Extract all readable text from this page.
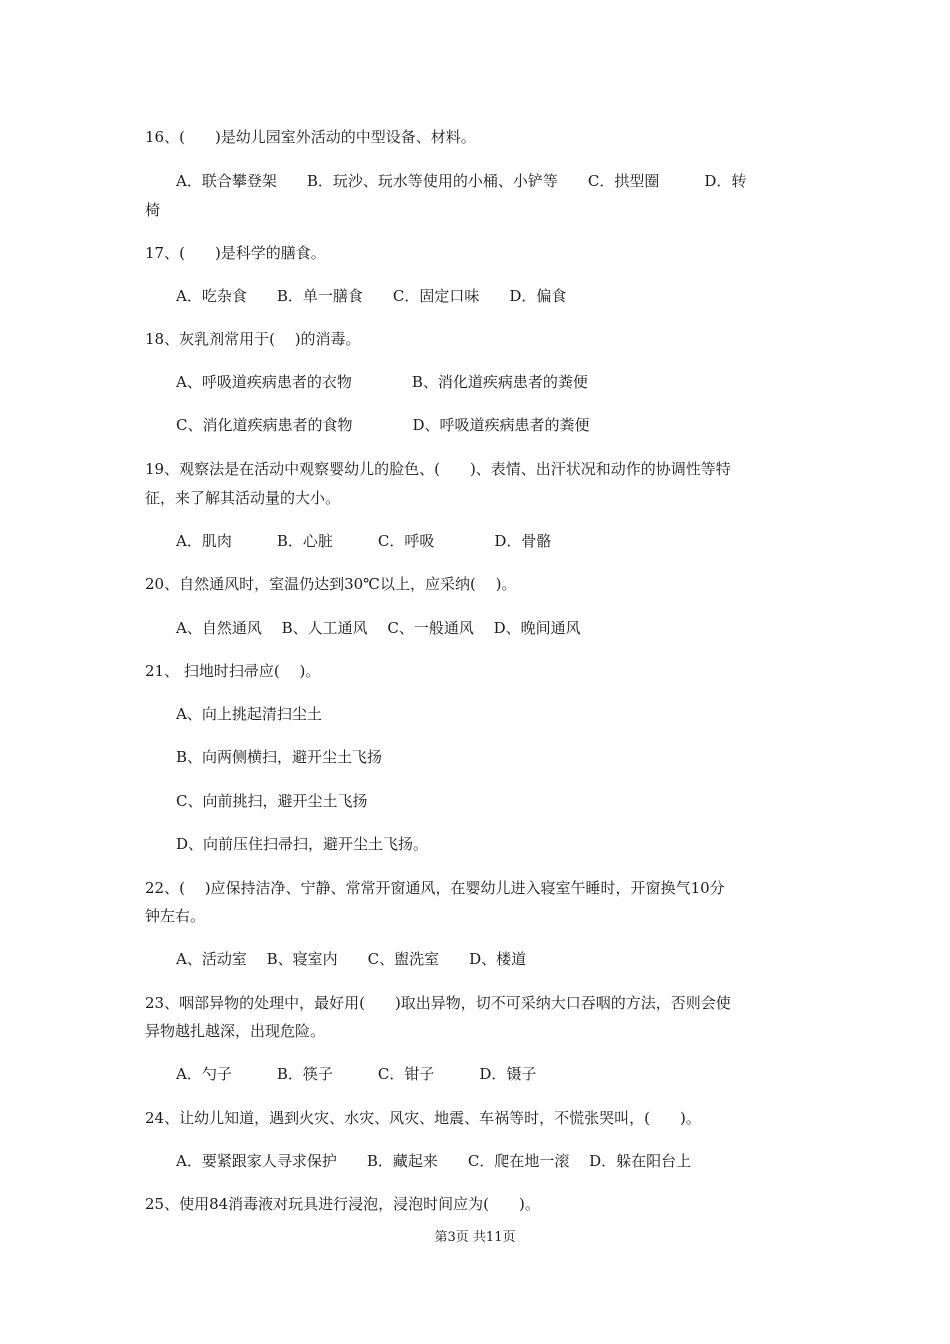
16、(　　)是幼儿园室外活动的中型设备、材料。
A．联合攀登架　　B．玩沙、玩水等使用的小桶、小铲等　　C．拱型圈　　　D．转
椅
17、(　　)是科学的膳食。
A．吃杂食　　B．单一膳食　　C．固定口味　　D．偏食
18、灰乳剂常用于(　 )的消毒。
A、呼吸道疾病患者的衣物　　　　B、消化道疾病患者的粪便
C、消化道疾病患者的食物　　　　D、呼吸道疾病患者的粪便
19、观察法是在活动中观察婴幼儿的脸色、(　　)、表情、出汗状况和动作的协调性等特
征，来了解其活动量的大小。
A．肌肉　　　B．心脏　　　C．呼吸　　　　D．骨骼
20、自然通风时，室温仍达到30℃以上，应采纳(　 )。
A、自然通风　 B、人工通风　 C、一般通风　 D、晚间通风
21、 扫地时扫帚应(　 )。
A、向上挑起清扫尘土
B、向两侧横扫，避开尘土飞扬
C、向前挑扫，避开尘土飞扬
D、向前压住扫帚扫，避开尘土飞扬。
22、(　 )应保持洁净、宁静、常常开窗通风，在婴幼儿进入寝室午睡时，开窗换气10分
钟左右。
A、活动室　 B、寝室内　　C、盥洗室　　D、楼道
23、咽部异物的处理中，最好用(　　)取出异物，切不可采纳大口吞咽的方法，否则会使
异物越扎越深，出现危险。
A．勺子　　　B．筷子　　　C．钳子　　　D．镊子
24、让幼儿知道，遇到火灾、水灾、风灾、地震、车祸等时，不慌张哭叫，(　　)。
A．要紧跟家人寻求保护　　B．藏起来　　C．爬在地一滚　 D．躲在阳台上
25、使用84消毒液对玩具进行浸泡，浸泡时间应为(　　)。
第3页 共11页
